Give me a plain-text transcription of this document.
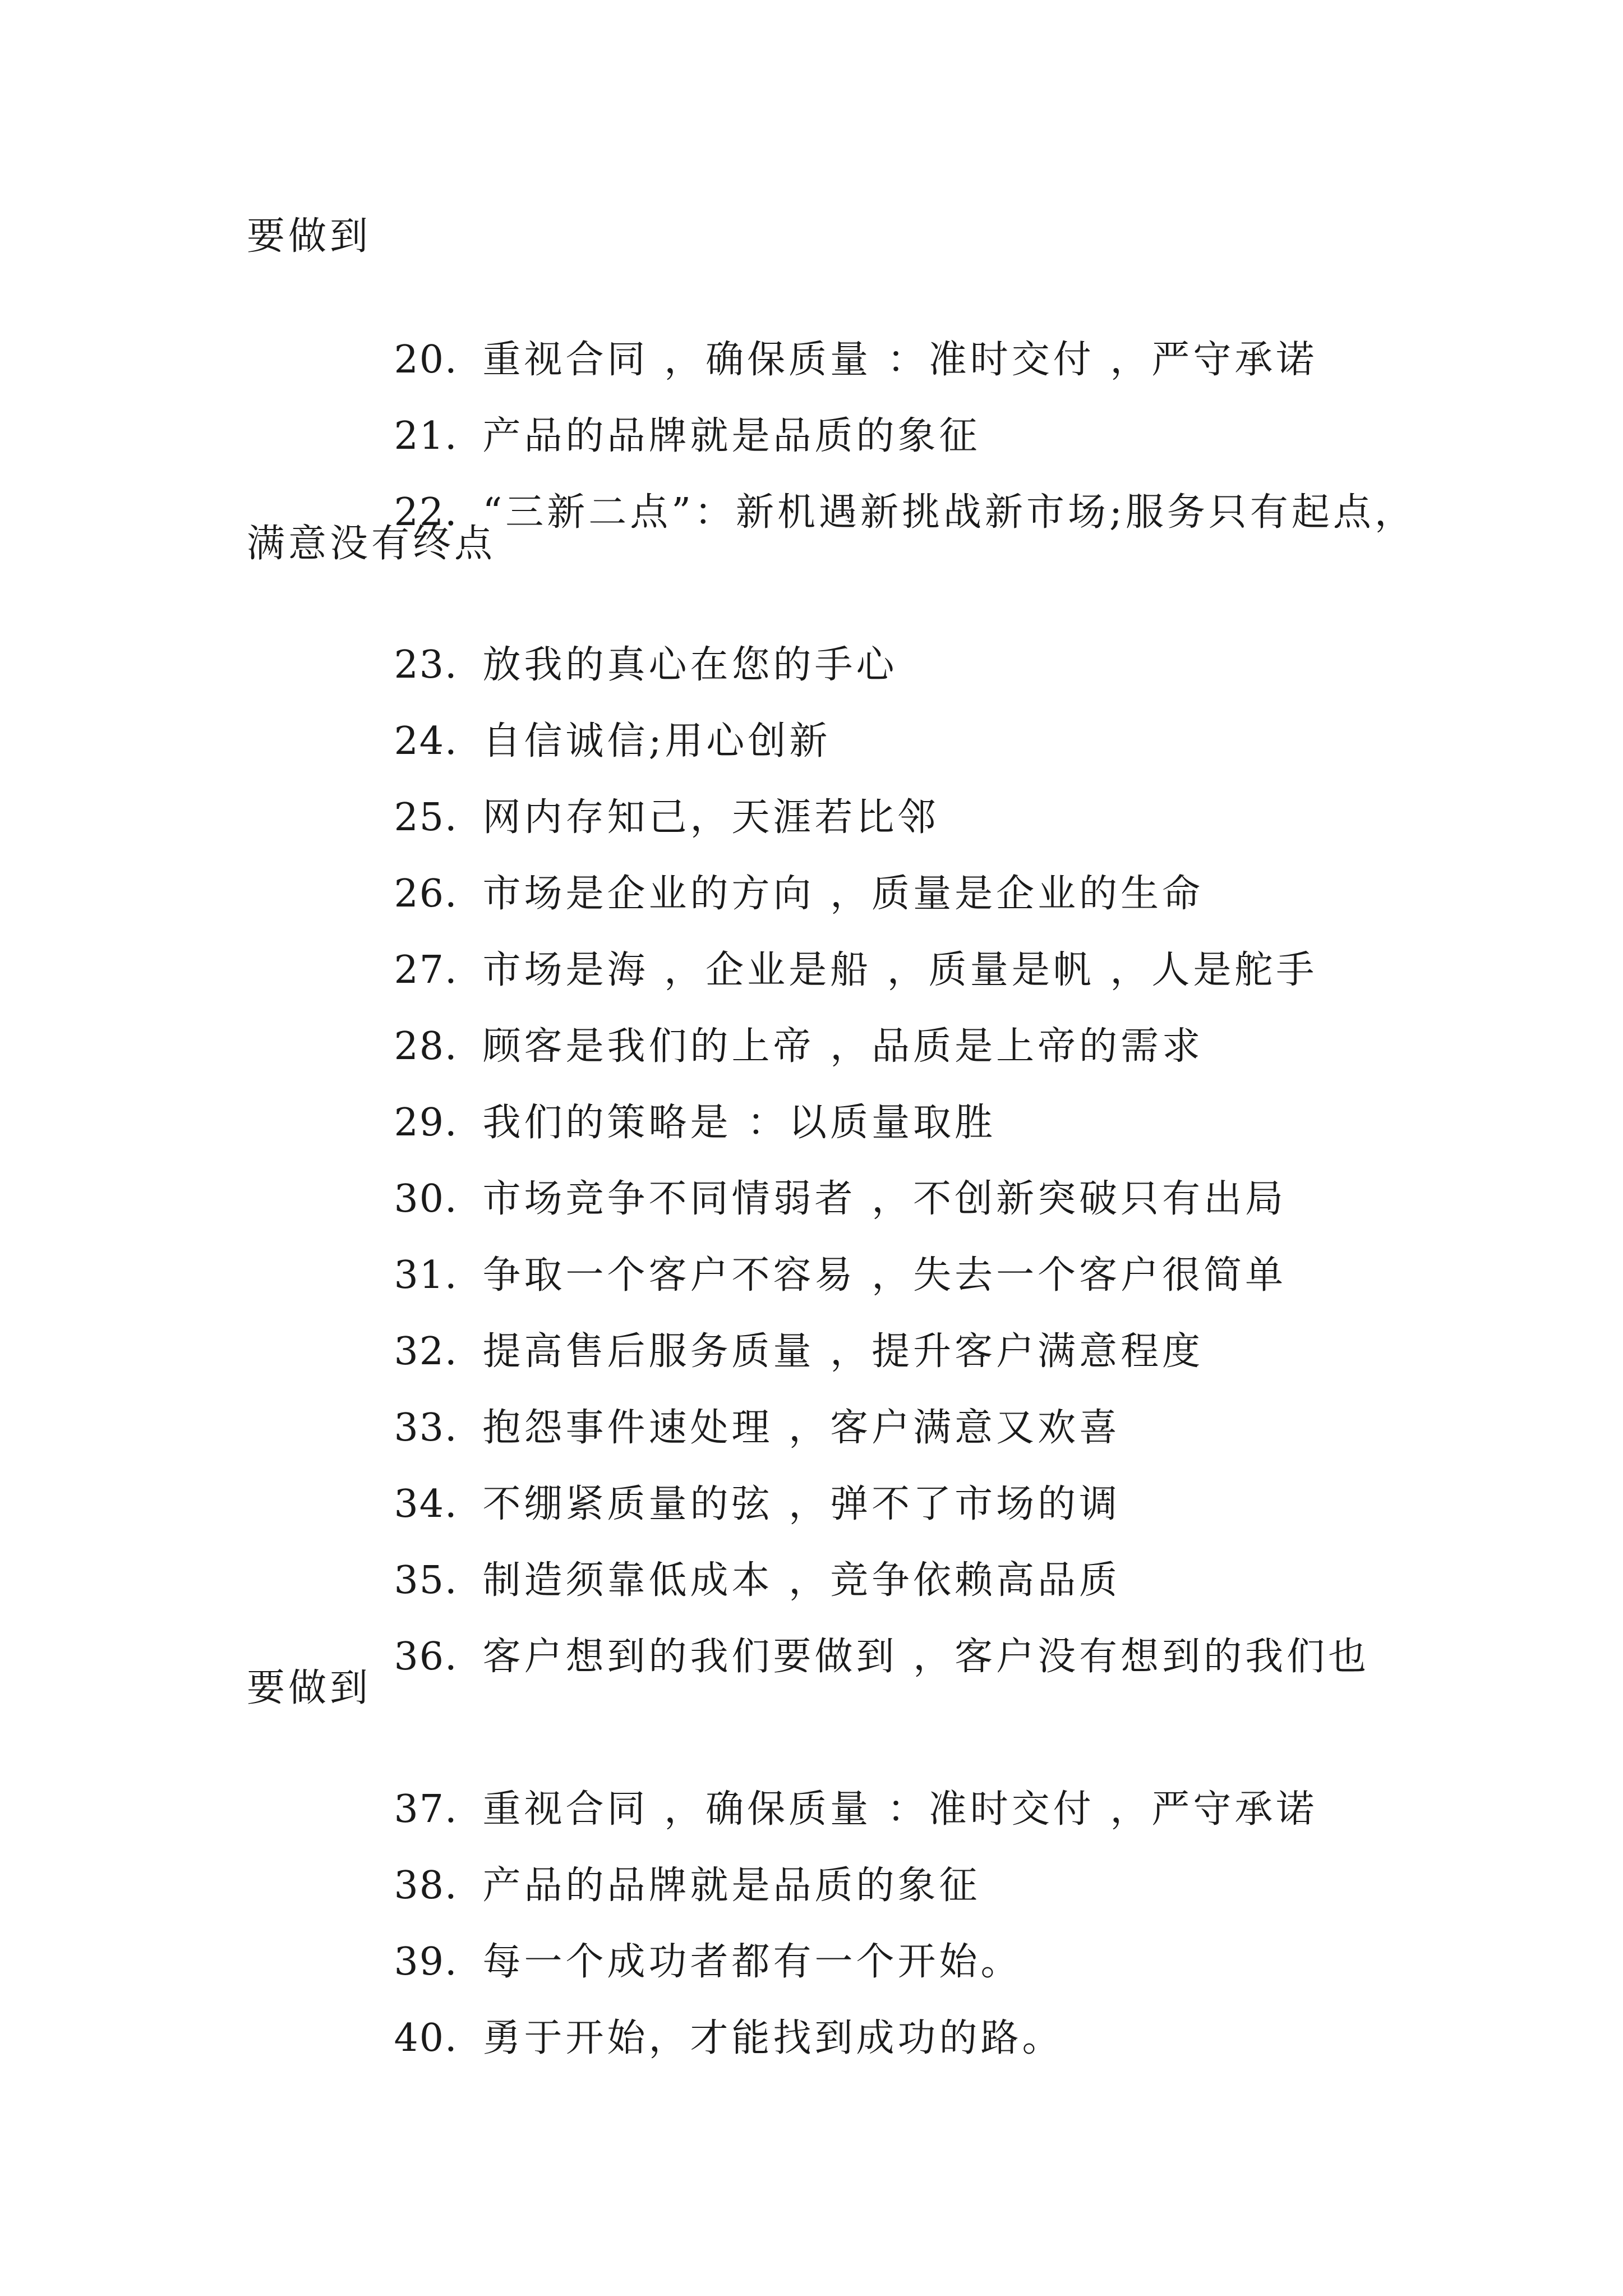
要做到

20. 重视合同 ，确保质量 ：准时交付 ，严守承诺

21. 产品的品牌就是品质的象征

22. “三新二点”：新机遇新挑战新市场;服务只有起点，

满意没有终点

23. 放我的真心在您的手心

24. 自信诚信;用心创新

25. 网内存知己，天涯若比邻

26. 市场是企业的方向 ，质量是企业的生命

27. 市场是海 ，企业是船 ，质量是帆 ，人是舵手

28. 顾客是我们的上帝 ，品质是上帝的需求

29. 我们的策略是 ：以质量取胜

30. 市场竞争不同情弱者 ，不创新突破只有出局

31. 争取一个客户不容易 ，失去一个客户很简单

32. 提高售后服务质量 ，提升客户满意程度

33. 抱怨事件速处理 ，客户满意又欢喜

34. 不绷紧质量的弦 ，弹不了市场的调

35. 制造须靠低成本 ，竞争依赖高品质

36. 客户想到的我们要做到 ，客户没有想到的我们也

要做到

37. 重视合同 ，确保质量 ：准时交付 ，严守承诺

38. 产品的品牌就是品质的象征

39. 每一个成功者都有一个开始。

40. 勇于开始，才能找到成功的路。
